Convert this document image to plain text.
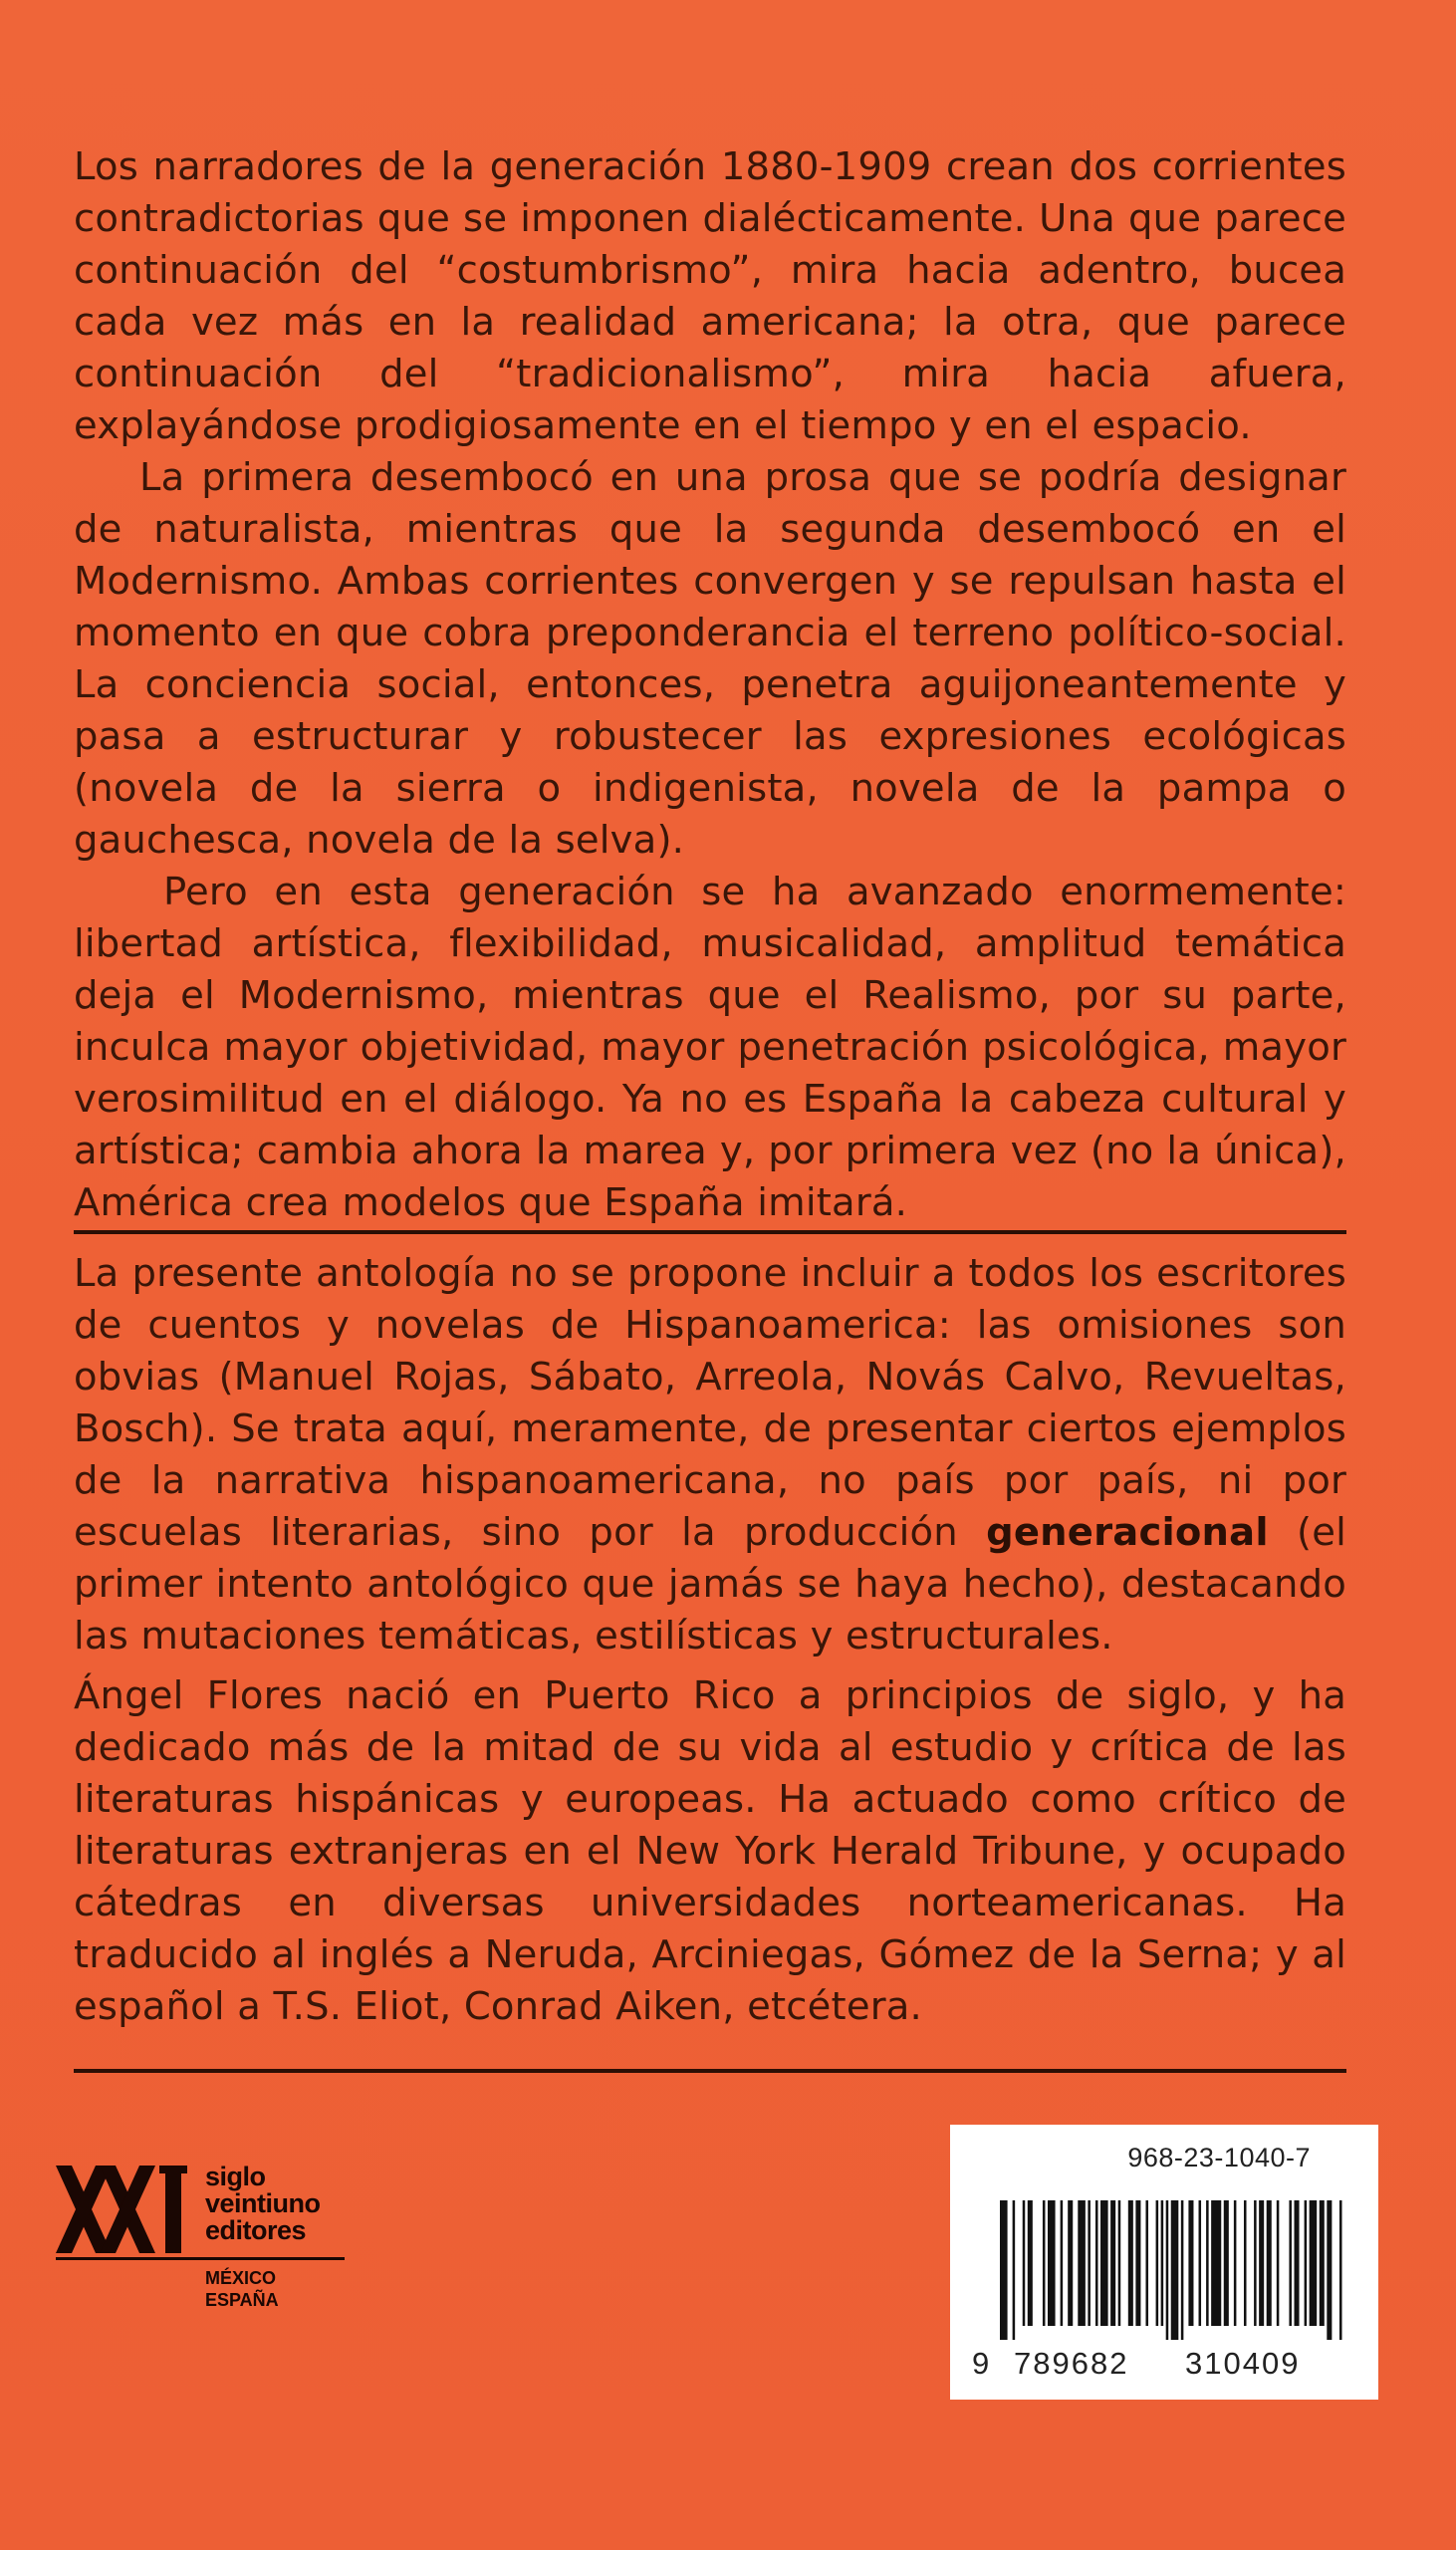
Los narradores de la generación 1880-1909 crean dos corrientes contradictorias que se imponen dialécticamente. Una que parece continuación del “costumbrismo”, mira hacia adentro, bucea cada vez más en la realidad americana; la otra, que parece continuación del “tradicionalismo”, mira hacia afuera, explayándose prodigiosamente en el tiempo y en el espacio.

La primera desembocó en una prosa que se podría designar de naturalista, mientras que la segunda desembocó en el Modernismo. Ambas corrientes convergen y se repulsan hasta el momento en que cobra preponderancia el terreno político-social. La conciencia social, entonces, penetra aguijoneantemente y pasa a estructurar y robustecer las expresiones ecológicas (novela de la sierra o indigenista, novela de la pampa o gauchesca, novela de la selva).

Pero en esta generación se ha avanzado enormemente: libertad artística, flexibilidad, musicalidad, amplitud temática deja el Modernismo, mientras que el Realismo, por su parte, inculca mayor objetividad, mayor penetración psicológica, mayor verosimilitud en el diálogo. Ya no es España la cabeza cultural y artística; cambia ahora la marea y, por primera vez (no la única), América crea modelos que España imitará.

La presente antología no se propone incluir a todos los escritores de cuentos y novelas de Hispanoamerica: las omisiones son obvias (Manuel Rojas, Sábato, Arreola, Novás Calvo, Revueltas, Bosch). Se trata aquí, meramente, de presentar ciertos ejemplos de la narrativa hispanoamericana, no país por país, ni por escuelas literarias, sino por la producción generacional (el primer intento antológico que jamás se haya hecho), destacando las mutaciones temáticas, estilísticas y estructurales.

Ángel Flores nació en Puerto Rico a principios de siglo, y ha dedicado más de la mitad de su vida al estudio y crítica de las literaturas hispánicas y europeas. Ha actuado como crítico de literaturas extranjeras en el New York Herald Tribune, y ocupado cátedras en diversas universidades norteamericanas. Ha traducido al inglés a Neruda, Arciniegas, Gómez de la Serna; y al español a T.S. Eliot, Conrad Aiken, etcétera.

siglo
veintiuno
editores
MÉXICO
ESPAÑA
968-23-1040-7
9 789682 310409
